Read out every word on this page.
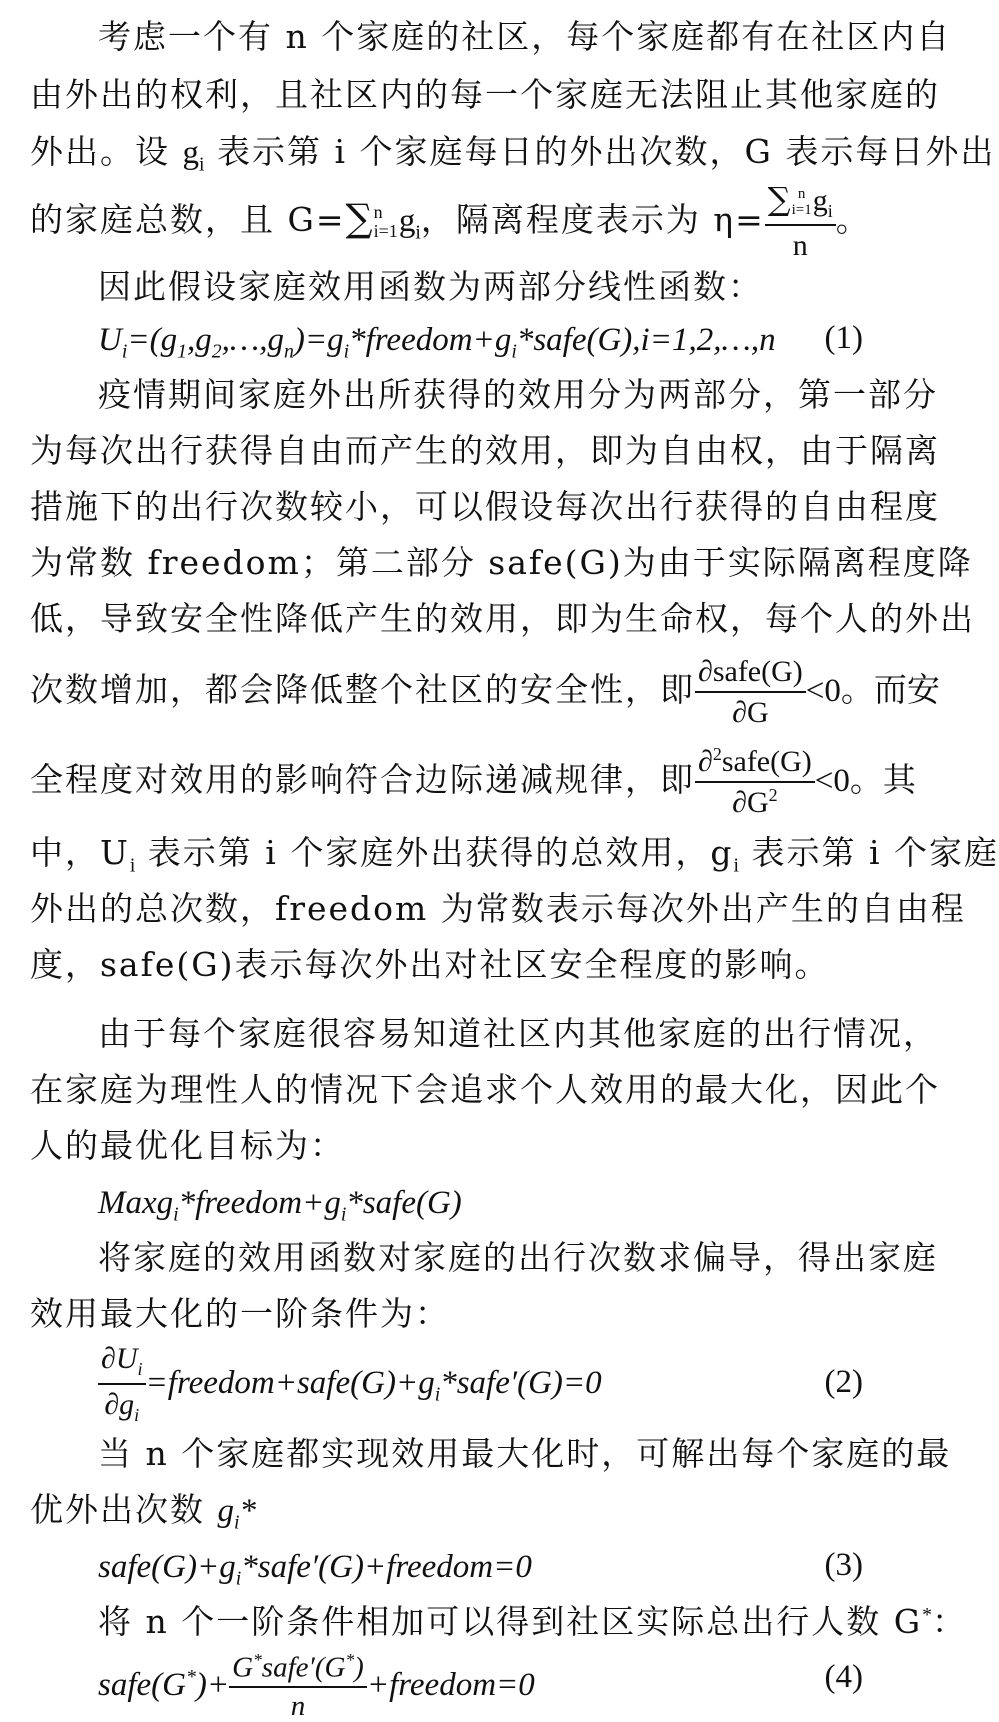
考虑一个有 n 个家庭的社区，每个家庭都有在社区内自
由外出的权利，且社区内的每一个家庭无法阻止其他家庭的
外出。设 $g_i$ 表示第 i 个家庭每日的外出次数，G 表示每日外出
的家庭总数，且 G=∑ n
i=1 $g_i$，隔离程度表示为 η= ∑ n
i=1 $g_i$
n 。
因此假设家庭效用函数为两部分线性函数：
$U_i=(g_1,g_2,\dots,g_n)=g_i*freedom+g_i*safe(G),i=1,2,\dots,n$ (1)
疫情期间家庭外出所获得的效用分为两部分，第一部分
为每次出行获得自由而产生的效用，即为自由权，由于隔离
措施下的出行次数较小，可以假设每次出行获得的自由程度
为常数 freedom；第二部分 safe(G)为由于实际隔离程度降
低，导致安全性降低产生的效用，即为生命权，每个人的外出
次数增加，都会降低整个社区的安全性，即 $\frac{\text{∂safe(G)}}{\partial G} <0$。而安
全程度对效用的影响符合边际递减规律，即 $\frac{\partial^2safe(G)}{\partial G^2} <0$。其
中，$U_i$ 表示第 i 个家庭外出获得的总效用，$g_i$ 表示第 i 个家庭
外出的总次数，freedom 为常数表示每次外出产生的自由程
度，safe(G)表示每次外出对社区安全程度的影响。
由于每个家庭很容易知道社区内其他家庭的出行情况，
在家庭为理性人的情况下会追求个人效用的最大化，因此个
人的最优化目标为：
$Maxg_i*freedom+g_i*safe(G)$
将家庭的效用函数对家庭的出行次数求偏导，得出家庭
效用最大化的一阶条件为：
$\frac{\partial U_i}{\partial g_i}$ $=freedom+safe(G)+g_i*safe'(G)=0$	(2)
当 n 个家庭都实现效用最大化时，可解出每个家庭的最
优外出次数 $g_i*$
$safe(G)+g_i*safe'(G)+freedom=0$	(3)
将 n 个一阶条件相加可以得到社区实际总出行人数 G*：
safe(G*)+ $\frac{G^*safe'(G^*)}{n}$ +freedom=0	(4)
